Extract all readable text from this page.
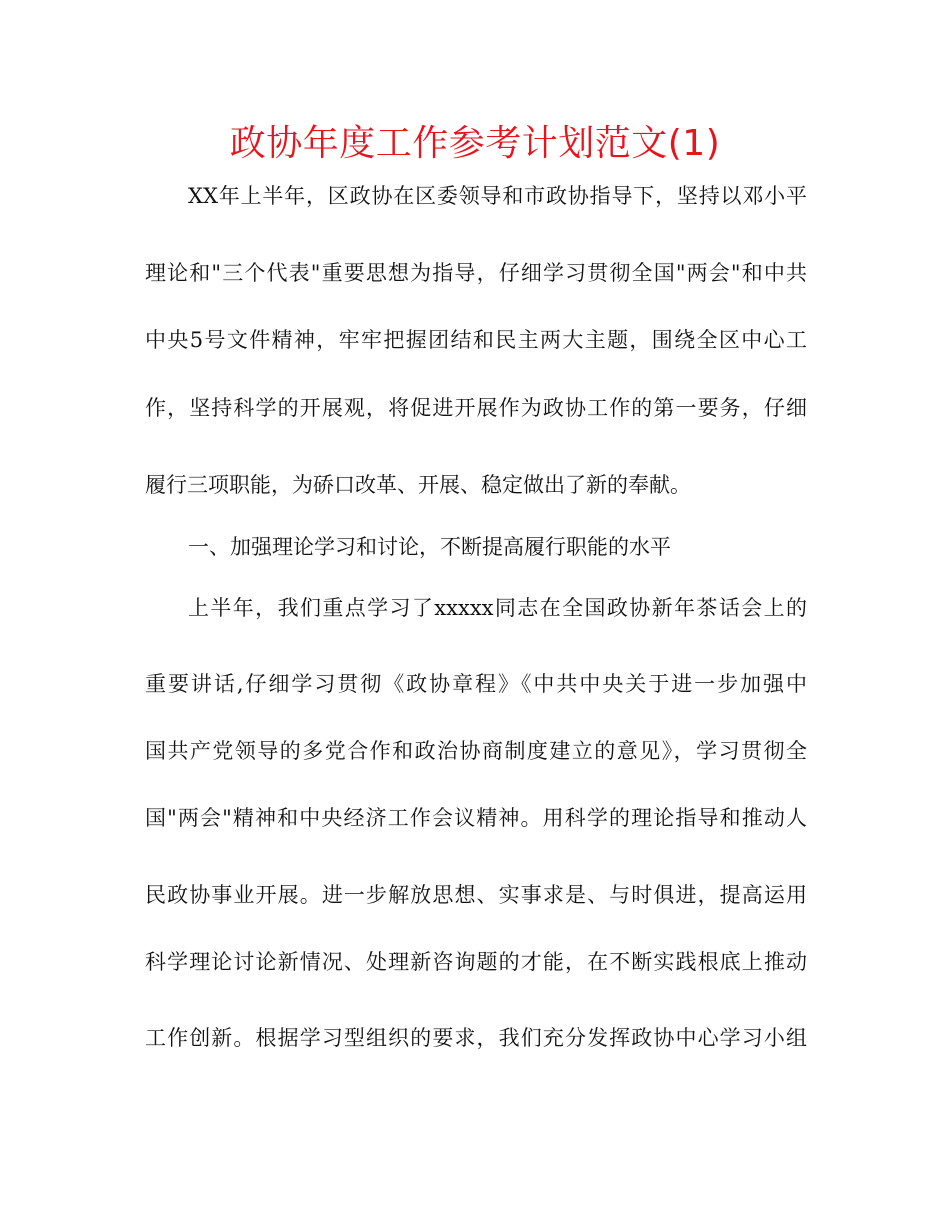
政协年度工作参考计划范文(1)
XX年上半年，区政协在区委领导和市政协指导下，坚持以邓小平
理论和"三个代表"重要思想为指导，仔细学习贯彻全国"两会"和中共
中央5号文件精神，牢牢把握团结和民主两大主题，围绕全区中心工
作，坚持科学的开展观，将促进开展作为政协工作的第一要务，仔细
履行三项职能，为硚口改革、开展、稳定做出了新的奉献。
一、加强理论学习和讨论，不断提高履行职能的水平
上半年，我们重点学习了xxxxx同志在全国政协新年茶话会上的
重要讲话,仔细学习贯彻《政协章程》《中共中央关于进一步加强中
国共产党领导的多党合作和政治协商制度建立的意见》，学习贯彻全
国"两会"精神和中央经济工作会议精神。用科学的理论指导和推动人
民政协事业开展。进一步解放思想、实事求是、与时俱进，提高运用
科学理论讨论新情况、处理新咨询题的才能，在不断实践根底上推动
工作创新。根据学习型组织的要求，我们充分发挥政协中心学习小组
